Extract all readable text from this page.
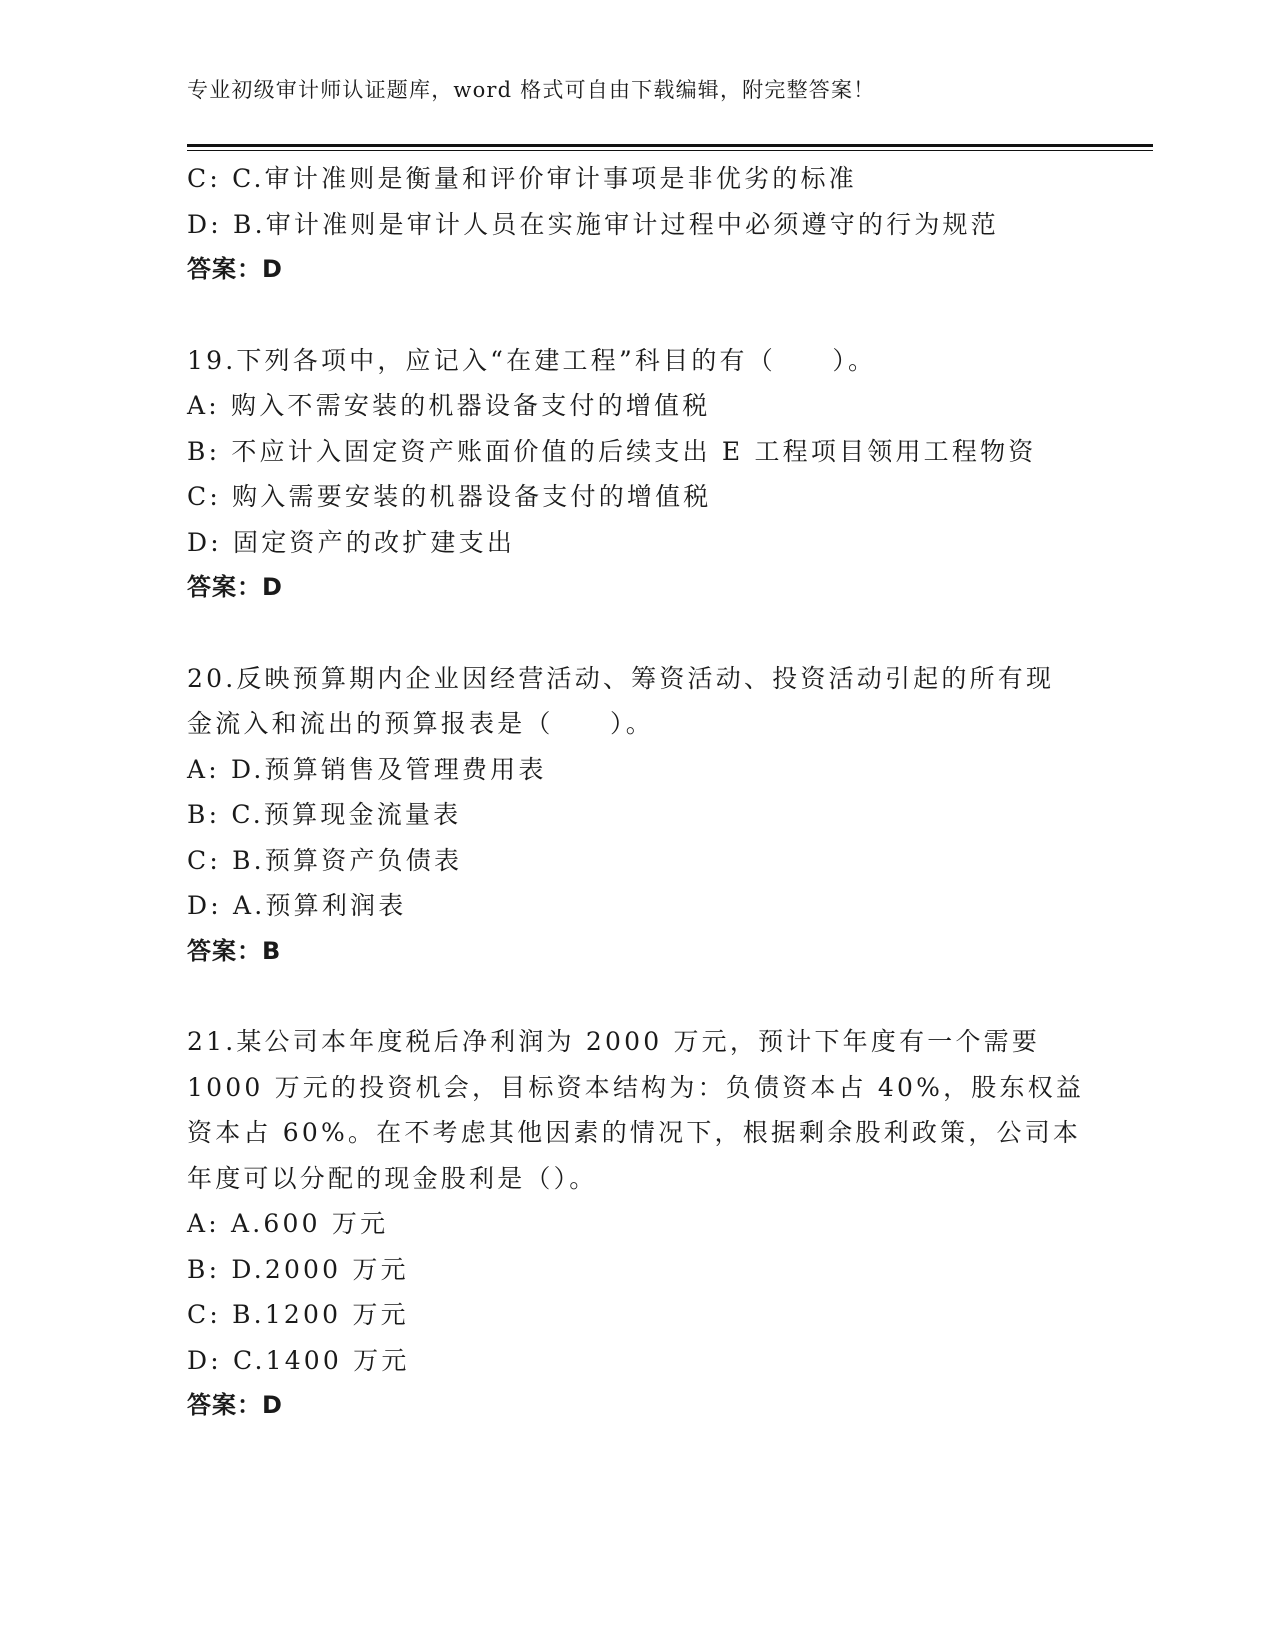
专业初级审计师认证题库，word 格式可自由下载编辑，附完整答案！
C: C.审计准则是衡量和评价审计事项是非优劣的标准
D: B.审计准则是审计人员在实施审计过程中必须遵守的行为规范
答案：D
19.下列各项中，应记入“在建工程”科目的有（　　）。
A: 购入不需安装的机器设备支付的增值税
B: 不应计入固定资产账面价值的后续支出 E 工程项目领用工程物资
C: 购入需要安装的机器设备支付的增值税
D: 固定资产的改扩建支出
答案：D
20.反映预算期内企业因经营活动、筹资活动、投资活动引起的所有现
金流入和流出的预算报表是（　　）。
A: D.预算销售及管理费用表
B: C.预算现金流量表
C: B.预算资产负债表
D: A.预算利润表
答案：B
21.某公司本年度税后净利润为 2000 万元，预计下年度有一个需要
1000 万元的投资机会，目标资本结构为：负债资本占 40%，股东权益
资本占 60%。在不考虑其他因素的情况下，根据剩余股利政策，公司本
年度可以分配的现金股利是（）。
A: A.600 万元
B: D.2000 万元
C: B.1200 万元
D: C.1400 万元
答案：D
